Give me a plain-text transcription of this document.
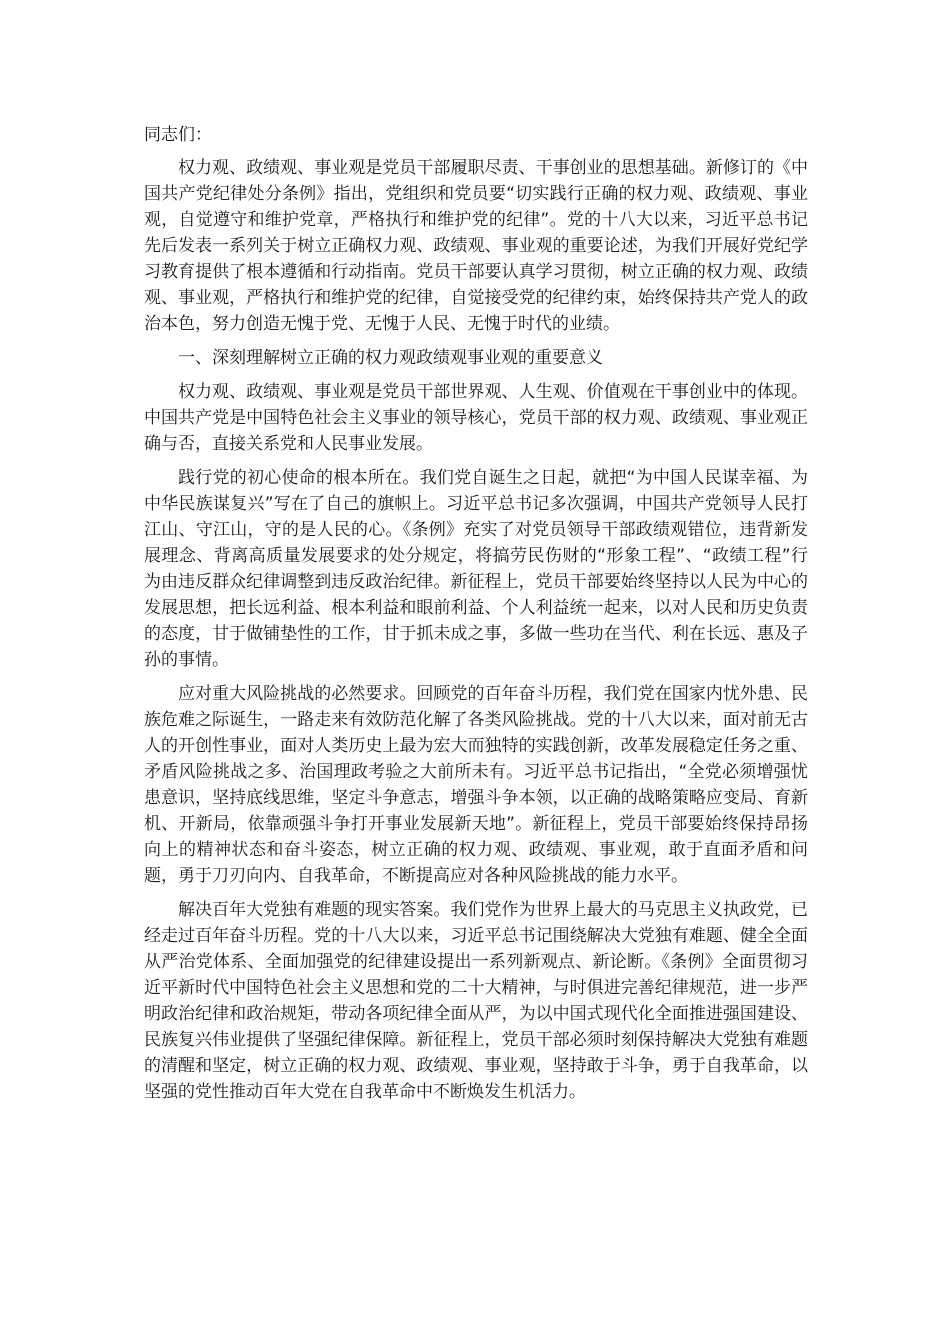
同志们：

权力观、政绩观、事业观是党员干部履职尽责、干事创业的思想基础。新修订的《中国共产党纪律处分条例》指出，党组织和党员要“切实践行正确的权力观、政绩观、事业观，自觉遵守和维护党章，严格执行和维护党的纪律”。党的十八大以来，习近平总书记先后发表一系列关于树立正确权力观、政绩观、事业观的重要论述，为我们开展好党纪学习教育提供了根本遵循和行动指南。党员干部要认真学习贯彻，树立正确的权力观、政绩观、事业观，严格执行和维护党的纪律，自觉接受党的纪律约束，始终保持共产党人的政治本色，努力创造无愧于党、无愧于人民、无愧于时代的业绩。

一、深刻理解树立正确的权力观政绩观事业观的重要意义

权力观、政绩观、事业观是党员干部世界观、人生观、价值观在干事创业中的体现。中国共产党是中国特色社会主义事业的领导核心，党员干部的权力观、政绩观、事业观正确与否，直接关系党和人民事业发展。

践行党的初心使命的根本所在。我们党自诞生之日起，就把“为中国人民谋幸福、为中华民族谋复兴”写在了自己的旗帜上。习近平总书记多次强调，中国共产党领导人民打江山、守江山，守的是人民的心。《条例》充实了对党员领导干部政绩观错位，违背新发展理念、背离高质量发展要求的处分规定，将搞劳民伤财的“形象工程”、“政绩工程”行为由违反群众纪律调整到违反政治纪律。新征程上，党员干部要始终坚持以人民为中心的发展思想，把长远利益、根本利益和眼前利益、个人利益统一起来，以对人民和历史负责的态度，甘于做铺垫性的工作，甘于抓未成之事，多做一些功在当代、利在长远、惠及子孙的事情。

应对重大风险挑战的必然要求。回顾党的百年奋斗历程，我们党在国家内忧外患、民族危难之际诞生，一路走来有效防范化解了各类风险挑战。党的十八大以来，面对前无古人的开创性事业，面对人类历史上最为宏大而独特的实践创新，改革发展稳定任务之重、矛盾风险挑战之多、治国理政考验之大前所未有。习近平总书记指出，“全党必须增强忧患意识，坚持底线思维，坚定斗争意志，增强斗争本领，以正确的战略策略应变局、育新机、开新局，依靠顽强斗争打开事业发展新天地”。新征程上，党员干部要始终保持昂扬向上的精神状态和奋斗姿态，树立正确的权力观、政绩观、事业观，敢于直面矛盾和问题，勇于刀刃向内、自我革命，不断提高应对各种风险挑战的能力水平。

解决百年大党独有难题的现实答案。我们党作为世界上最大的马克思主义执政党，已经走过百年奋斗历程。党的十八大以来，习近平总书记围绕解决大党独有难题、健全全面从严治党体系、全面加强党的纪律建设提出一系列新观点、新论断。《条例》全面贯彻习近平新时代中国特色社会主义思想和党的二十大精神，与时俱进完善纪律规范，进一步严明政治纪律和政治规矩，带动各项纪律全面从严，为以中国式现代化全面推进强国建设、民族复兴伟业提供了坚强纪律保障。新征程上，党员干部必须时刻保持解决大党独有难题的清醒和坚定，树立正确的权力观、政绩观、事业观，坚持敢于斗争，勇于自我革命，以坚强的党性推动百年大党在自我革命中不断焕发生机活力。
